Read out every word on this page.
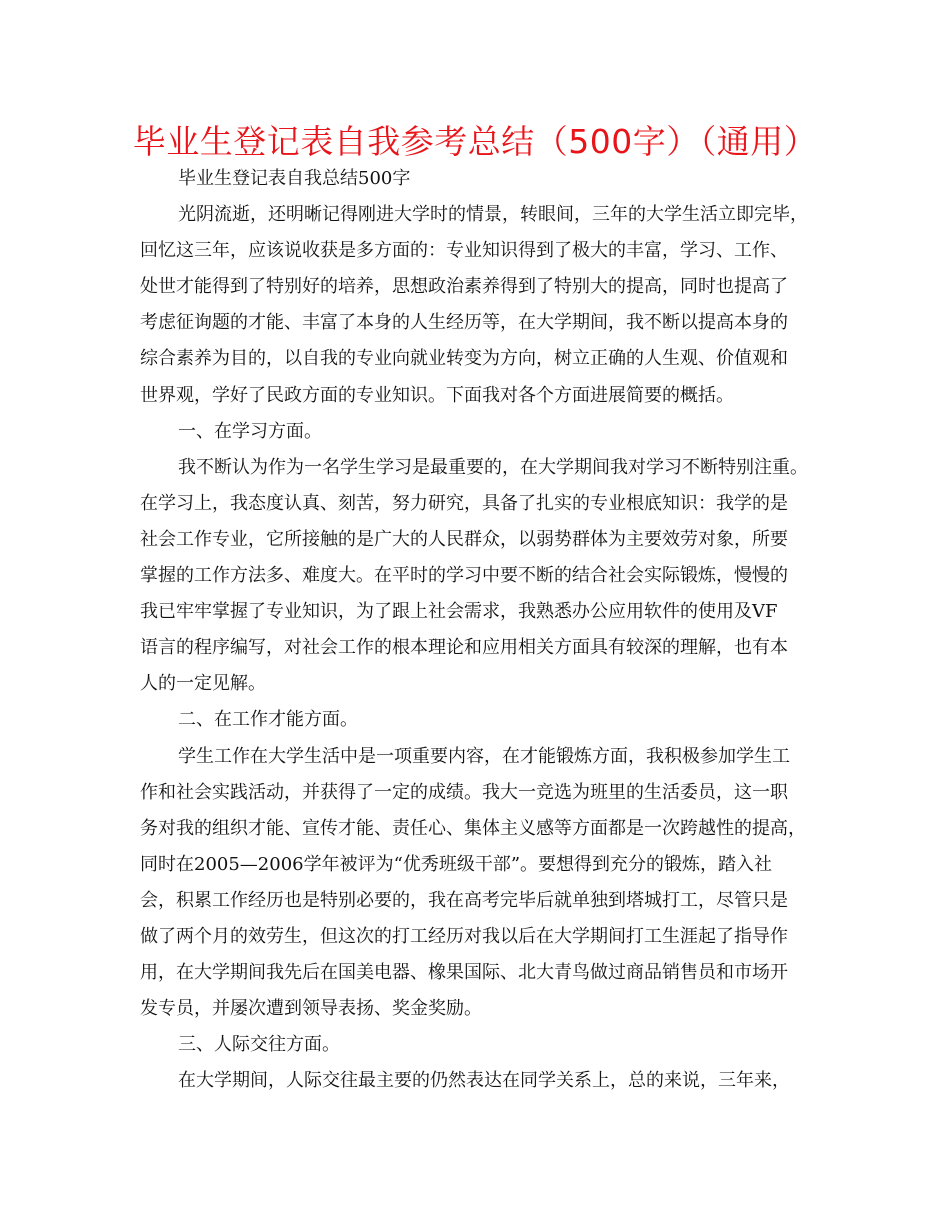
毕业生登记表自我参考总结（500字）（通用）
毕业生登记表自我总结500字
光阴流逝，还明晰记得刚进大学时的情景，转眼间，三年的大学生活立即完毕，
回忆这三年，应该说收获是多方面的：专业知识得到了极大的丰富，学习、工作、
处世才能得到了特别好的培养，思想政治素养得到了特别大的提高，同时也提高了
考虑征询题的才能、丰富了本身的人生经历等，在大学期间，我不断以提高本身的
综合素养为目的，以自我的专业向就业转变为方向，树立正确的人生观、价值观和
世界观，学好了民政方面的专业知识。下面我对各个方面进展简要的概括。
一、在学习方面。
我不断认为作为一名学生学习是最重要的，在大学期间我对学习不断特别注重。
在学习上，我态度认真、刻苦，努力研究，具备了扎实的专业根底知识：我学的是
社会工作专业，它所接触的是广大的人民群众，以弱势群体为主要效劳对象，所要
掌握的工作方法多、难度大。在平时的学习中要不断的结合社会实际锻炼，慢慢的
我已牢牢掌握了专业知识，为了跟上社会需求，我熟悉办公应用软件的使用及VF
语言的程序编写，对社会工作的根本理论和应用相关方面具有较深的理解，也有本
人的一定见解。
二、在工作才能方面。
学生工作在大学生活中是一项重要内容，在才能锻炼方面，我积极参加学生工
作和社会实践活动，并获得了一定的成绩。我大一竞选为班里的生活委员，这一职
务对我的组织才能、宣传才能、责任心、集体主义感等方面都是一次跨越性的提高，
同时在2005—2006学年被评为“优秀班级干部”。要想得到充分的锻炼，踏入社
会，积累工作经历也是特别必要的，我在高考完毕后就单独到塔城打工，尽管只是
做了两个月的效劳生，但这次的打工经历对我以后在大学期间打工生涯起了指导作
用，在大学期间我先后在国美电器、橡果国际、北大青鸟做过商品销售员和市场开
发专员，并屡次遭到领导表扬、奖金奖励。
三、人际交往方面。
在大学期间，人际交往最主要的仍然表达在同学关系上，总的来说，三年来，
